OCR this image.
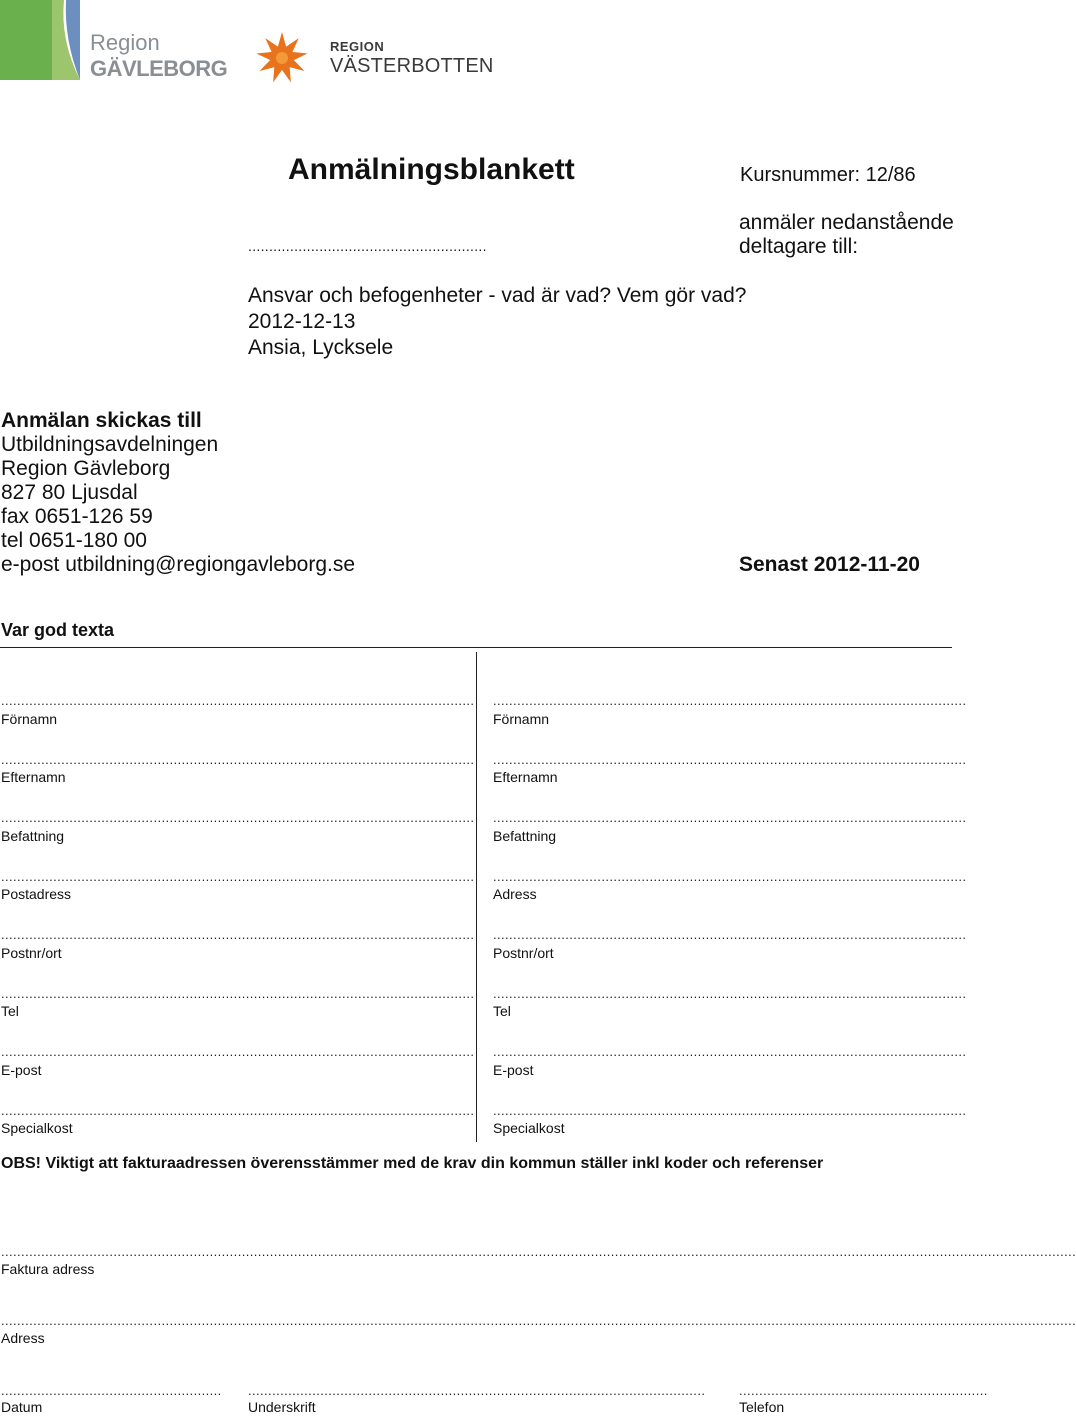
Region
GÄVLEBORG
REGION
VÄSTERBOTTEN
Anmälningsblankett	Kursnummer: 12/86
.........................................................
anmäler nedanstående
deltagare till:
Ansvar och befogenheter - vad är vad? Vem gör vad?
2012-12-13
Ansia, Lycksele
Anmälan skickas till
Utbildningsavdelningen
Region Gävleborg
827 80 Ljusdal
fax 0651-126 59
tel 0651-180 00
e-post utbildning@regiongavleborg.se	Senast 2012-11-20
Var god texta
......................................................................................................................
Förnamn
......................................................................................................................
Efternamn
......................................................................................................................
Befattning
......................................................................................................................
Postadress
......................................................................................................................
Postnr/ort
......................................................................................................................
Tel
......................................................................................................................
E-post
......................................................................................................................
Specialkost
......................................................................................................................
Förnamn
......................................................................................................................
Efternamn
......................................................................................................................
Befattning
......................................................................................................................
Adress
......................................................................................................................
Postnr/ort
......................................................................................................................
Tel
......................................................................................................................
E-post
......................................................................................................................
Specialkost
OBS! Viktigt att fakturaadressen överensstämmer med de krav din kommun ställer inkl koder och referenser
............................................................................................................................................................................................................................................................................
Faktura adress
............................................................................................................................................................................................................................................................................
Adress
.......................................................
Datum
..................................................................................................................
Underskrift
..............................................................
Telefon
